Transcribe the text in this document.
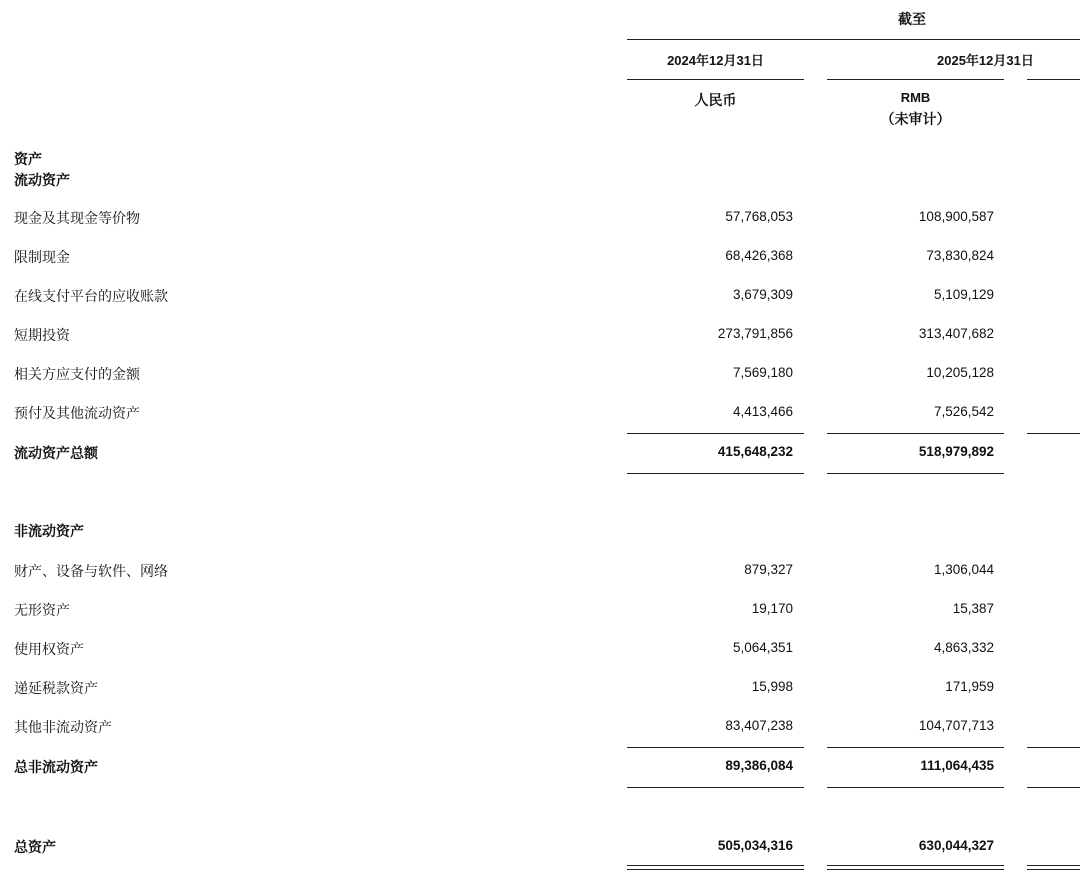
截至
2024年12月31日	2025年12月31日
人民币	RMB
（未审计）
资产
流动资产
现金及其现金等价物	57,768,053	108,900,587
限制现金	68,426,368	73,830,824
在线支付平台的应收账款	3,679,309	5,109,129
短期投资	273,791,856	313,407,682
相关方应支付的金额	7,569,180	10,205,128
预付及其他流动资产	4,413,466	7,526,542
流动资产总额	415,648,232	518,979,892
非流动资产
财产、设备与软件、网络	879,327	1,306,044
无形资产	19,170	15,387
使用权资产	5,064,351	4,863,332
递延税款资产	15,998	171,959
其他非流动资产	83,407,238	104,707,713
总非流动资产	89,386,084	111,064,435
总资产	505,034,316	630,044,327
